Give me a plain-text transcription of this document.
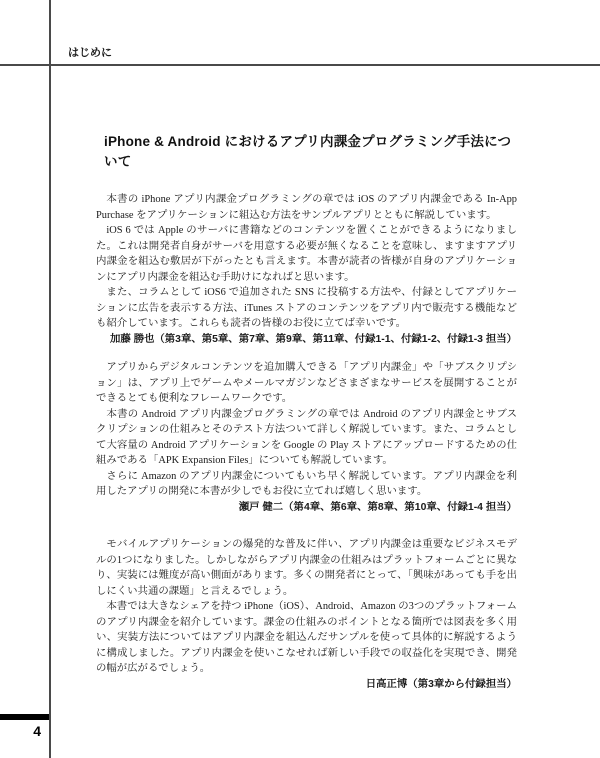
はじめに
iPhone & Android におけるアプリ内課金プログラミング手法について

本書の iPhone アプリ内課金プログラミングの章では iOS のアプリ内課金である In-App Purchase をアプリケーションに組込む方法をサンプルアプリとともに解説しています。

iOS 6 では Apple のサーバに書籍などのコンテンツを置くことができるようになりました。これは開発者自身がサーバを用意する必要が無くなることを意味し、ますますアプリ内課金を組込む敷居が下がったとも言えます。本書が読者の皆様が自身のアプリケーションにアプリ内課金を組込む手助けになればと思います。

また、コラムとして iOS6 で追加された SNS に投稿する方法や、付録としてアプリケーションに広告を表示する方法、iTunes ストアのコンテンツをアプリ内で販売する機能なども紹介しています。これらも読者の皆様のお役に立てば幸いです。

加藤 勝也（第3章、第5章、第7章、第9章、第11章、付録1-1、付録1-2、付録1-3 担当）

アプリからデジタルコンテンツを追加購入できる「アプリ内課金」や「サブスクリプション」は、アプリ上でゲームやメールマガジンなどさまざまなサービスを展開することができるとても便利なフレームワークです。

本書の Android アプリ内課金プログラミングの章では Android のアプリ内課金とサブスクリプションの仕組みとそのテスト方法ついて詳しく解説しています。また、コラムとして大容量の Android アプリケーションを Google の Play ストアにアップロードするための仕組みである「APK Expansion Files」についても解説しています。

さらに Amazon のアプリ内課金についてもいち早く解説しています。アプリ内課金を利用したアプリの開発に本書が少しでもお役に立てれば嬉しく思います。

瀬戸 健二（第4章、第6章、第8章、第10章、付録1-4 担当）

モバイルアプリケーションの爆発的な普及に伴い、アプリ内課金は重要なビジネスモデルの1つになりました。しかしながらアプリ内課金の仕組みはプラットフォームごとに異なり、実装には難度が高い側面があります。多くの開発者にとって、「興味があっても手を出しにくい共通の課題」と言えるでしょう。

本書では大きなシェアを持つ iPhone（iOS）、Android、Amazon の3つのプラットフォームのアプリ内課金を紹介しています。課金の仕組みのポイントとなる箇所では図表を多く用い、実装方法についてはアプリ内課金を組込んだサンプルを使って具体的に解説するように構成しました。アプリ内課金を使いこなせれば新しい手段での収益化を実現でき、開発の幅が広がるでしょう。

日高正博（第3章から付録担当）

4
